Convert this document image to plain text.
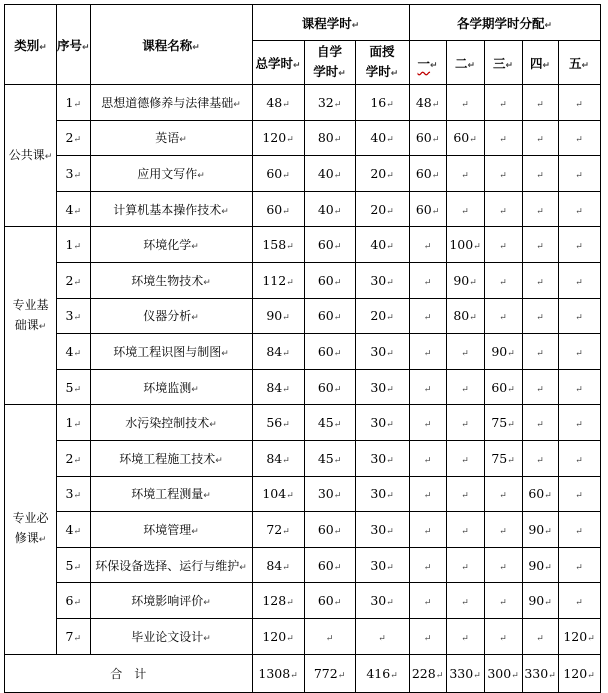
类别 ↵	序号 ↵	课程名称 ↵	课程学时 ↵			各学期学时分配 ↵
			总学时 ↵	自学
学时 ↵	面授
学时 ↵	一 ↵	二 ↵	三 ↵	四 ↵	五 ↵
公共课 ↵	1 ↵	思想道德修养与法律基础 ↵	48 ↵	32 ↵	16 ↵	48 ↵	↵	↵	↵	↵
	2 ↵	英语 ↵	120 ↵	80 ↵	40 ↵	60 ↵	60 ↵	↵	↵	↵
	3 ↵	应用文写作 ↵	60 ↵	40 ↵	20 ↵	60 ↵	↵	↵	↵	↵
	4 ↵	计算机基本操作技术 ↵	60 ↵	40 ↵	20 ↵	60 ↵	↵	↵	↵	↵
专业基
础课 ↵	1 ↵	环境化学 ↵	158 ↵	60 ↵	40 ↵	↵	100 ↵	↵	↵	↵
	2 ↵	环境生物技术 ↵	112 ↵	60 ↵	30 ↵	↵	90 ↵	↵	↵	↵
	3 ↵	仪器分析 ↵	90 ↵	60 ↵	20 ↵	↵	80 ↵	↵	↵	↵
	4 ↵	环境工程识图与制图 ↵	84 ↵	60 ↵	30 ↵	↵	↵	90 ↵	↵	↵
	5 ↵	环境监测 ↵	84 ↵	60 ↵	30 ↵	↵	↵	60 ↵	↵	↵
专业必
修课 ↵	1 ↵	水污染控制技术 ↵	56 ↵	45 ↵	30 ↵	↵	↵	75 ↵	↵	↵
	2 ↵	环境工程施工技术 ↵	84 ↵	45 ↵	30 ↵	↵	↵	75 ↵	↵	↵
	3 ↵	环境工程测量 ↵	104 ↵	30 ↵	30 ↵	↵	↵	↵	60 ↵	↵
	4 ↵	环境管理 ↵	72 ↵	60 ↵	30 ↵	↵	↵	↵	90 ↵	↵
	5 ↵	环保设备选择、运行与维护 ↵	84 ↵	60 ↵	30 ↵	↵	↵	↵	90 ↵	↵
	6 ↵	环境影响评价 ↵	128 ↵	60 ↵	30 ↵	↵	↵	↵	90 ↵	↵
	7 ↵	毕业论文设计 ↵	120 ↵	↵	↵	↵	↵	↵	↵	120 ↵
合　计			1308 ↵	772 ↵	416 ↵	228 ↵	330 ↵	300 ↵	330 ↵	120 ↵
